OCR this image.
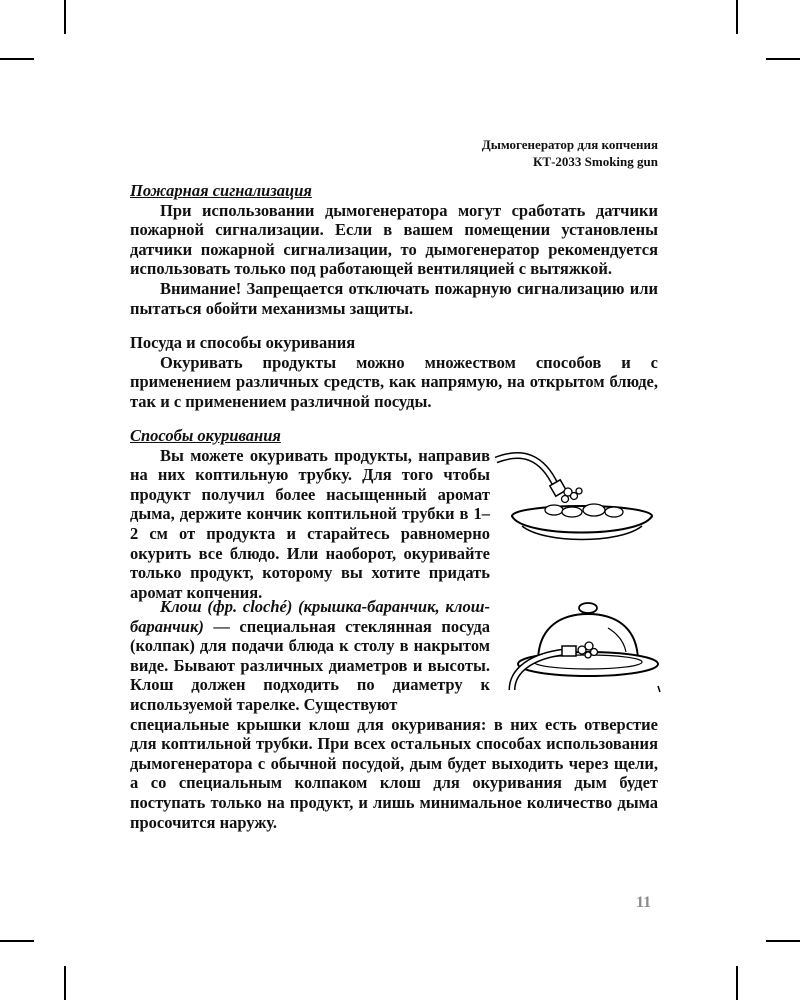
Дымогенератор для копчения
КТ-2033 Smoking gun

Пожарная сигнализация

При использовании дымогенератора могут сработать датчики пожарной сигнализации. Если в вашем помещении установлены датчики пожарной сигнализации, то дымогенератор рекомендуется использовать только под работающей вентиляцией с вытяжкой.

Внимание! Запрещается отключать пожарную сигнализацию или пытаться обойти механизмы защиты.

Посуда и способы окуривания

Окуривать продукты можно множеством способов и с применением различных средств, как напрямую, на открытом блюде, так и с применением различной посуды.

Способы окуривания

Вы можете окуривать продукты, направив на них коптильную трубку. Для того чтобы продукт получил более насыщенный аромат дыма, держите кончик коптильной трубки в 1–2 см от продукта и старайтесь равномерно окурить все блюдо. Или наоборот, окуривайте только продукт, которому вы хотите придать аромат копчения.

Клош (фр. cloché) (крышка-баранчик, клош-баранчик) — специальная стеклянная посуда (колпак) для подачи блюда к столу в накрытом виде. Бывают различных диаметров и высоты. Клош должен подходить по диаметру к используемой тарелке. Существуют

специальные крышки клош для окуривания: в них есть отверстие для коптильной трубки. При всех остальных способах использования дымогенератора с обычной посудой, дым будет выходить через щели, а со специальным колпаком клош для окуривания дым будет поступать только на продукт, и лишь минимальное количество дыма просочится наружу.

11
